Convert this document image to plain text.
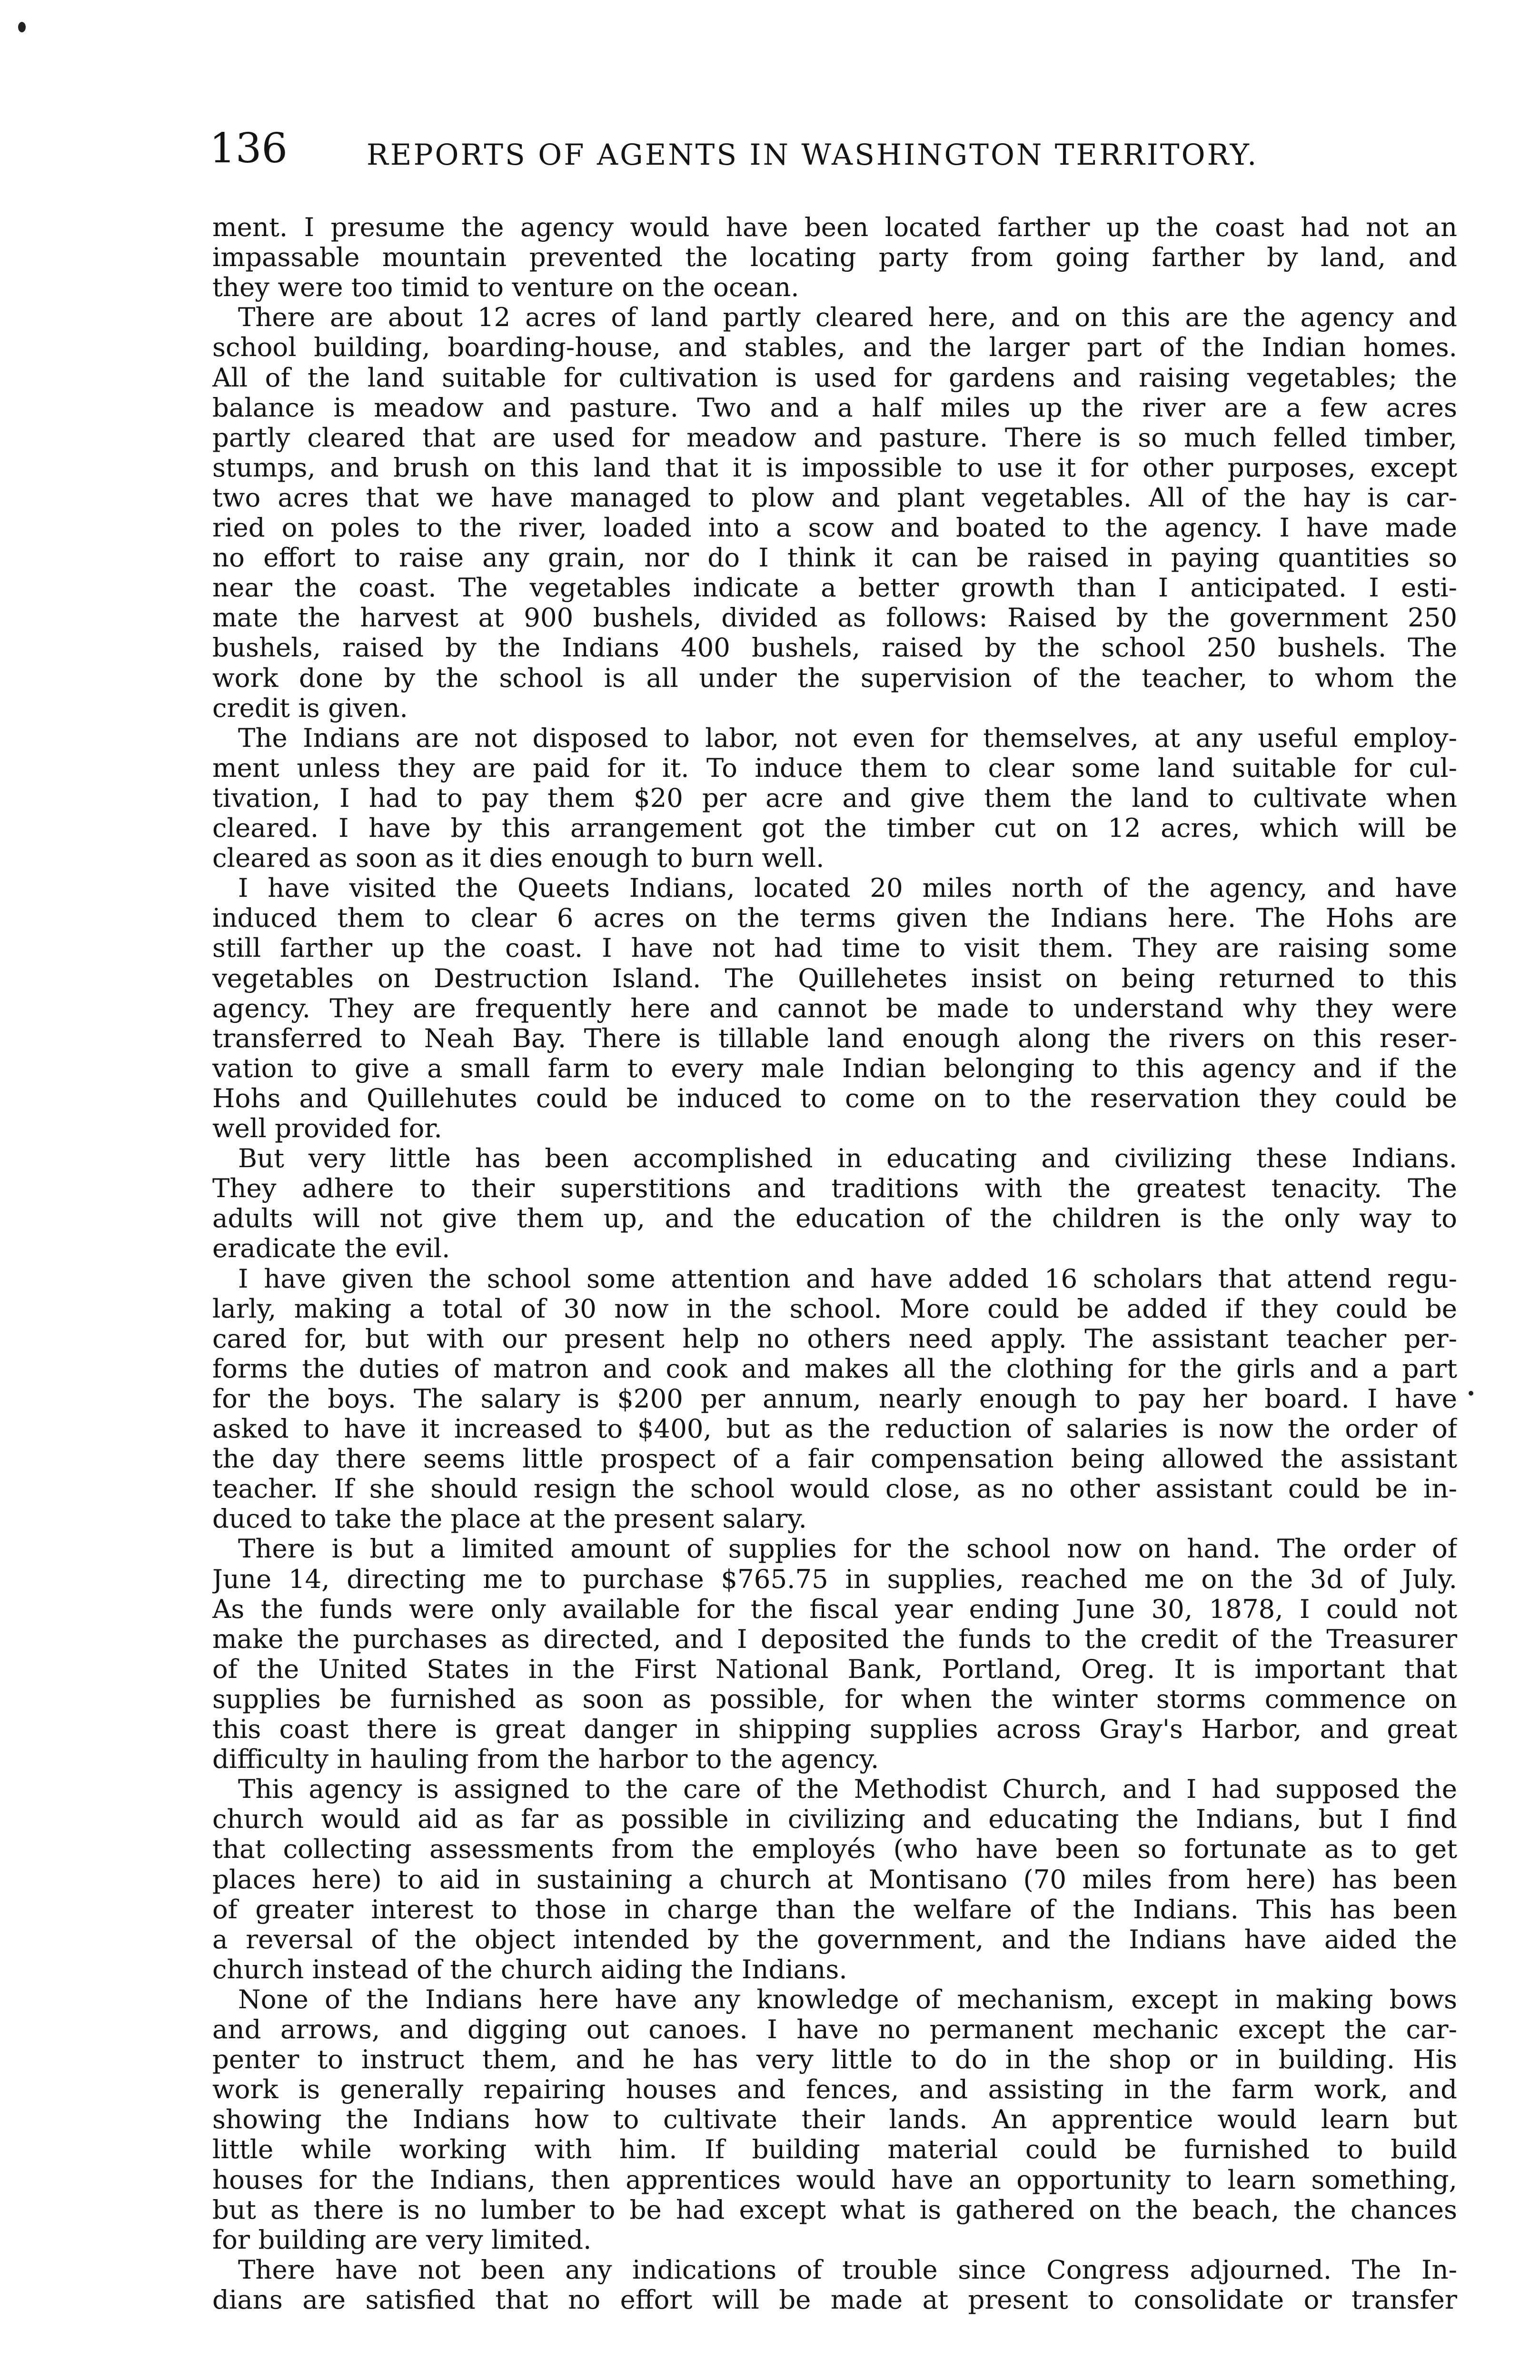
136	REPORTS OF AGENTS IN WASHINGTON TERRITORY.
ment. I presume the agency would have been located farther up the coast had not an
impassable mountain prevented the locating party from going farther by land, and
they were too timid to venture on the ocean.
There are about 12 acres of land partly cleared here, and on this are the agency and
school building, boarding-house, and stables, and the larger part of the Indian homes.
All of the land suitable for cultivation is used for gardens and raising vegetables; the
balance is meadow and pasture. Two and a half miles up the river are a few acres
partly cleared that are used for meadow and pasture. There is so much felled timber,
stumps, and brush on this land that it is impossible to use it for other purposes, except
two acres that we have managed to plow and plant vegetables. All of the hay is car-
ried on poles to the river, loaded into a scow and boated to the agency. I have made
no effort to raise any grain, nor do I think it can be raised in paying quantities so
near the coast. The vegetables indicate a better growth than I anticipated. I esti-
mate the harvest at 900 bushels, divided as follows: Raised by the government 250
bushels, raised by the Indians 400 bushels, raised by the school 250 bushels. The
work done by the school is all under the supervision of the teacher, to whom the
credit is given.
The Indians are not disposed to labor, not even for themselves, at any useful employ-
ment unless they are paid for it. To induce them to clear some land suitable for cul-
tivation, I had to pay them $20 per acre and give them the land to cultivate when
cleared. I have by this arrangement got the timber cut on 12 acres, which will be
cleared as soon as it dies enough to burn well.
I have visited the Queets Indians, located 20 miles north of the agency, and have
induced them to clear 6 acres on the terms given the Indians here. The Hohs are
still farther up the coast. I have not had time to visit them. They are raising some
vegetables on Destruction Island. The Quillehetes insist on being returned to this
agency. They are frequently here and cannot be made to understand why they were
transferred to Neah Bay. There is tillable land enough along the rivers on this reser-
vation to give a small farm to every male Indian belonging to this agency and if the
Hohs and Quillehutes could be induced to come on to the reservation they could be
well provided for.
But very little has been accomplished in educating and civilizing these Indians.
They adhere to their superstitions and traditions with the greatest tenacity. The
adults will not give them up, and the education of the children is the only way to
eradicate the evil.
I have given the school some attention and have added 16 scholars that attend regu-
larly, making a total of 30 now in the school. More could be added if they could be
cared for, but with our present help no others need apply. The assistant teacher per-
forms the duties of matron and cook and makes all the clothing for the girls and a part
for the boys. The salary is $200 per annum, nearly enough to pay her board. I have
asked to have it increased to $400, but as the reduction of salaries is now the order of
the day there seems little prospect of a fair compensation being allowed the assistant
teacher. If she should resign the school would close, as no other assistant could be in-
duced to take the place at the present salary.
There is but a limited amount of supplies for the school now on hand. The order of
June 14, directing me to purchase $765.75 in supplies, reached me on the 3d of July.
As the funds were only available for the fiscal year ending June 30, 1878, I could not
make the purchases as directed, and I deposited the funds to the credit of the Treasurer
of the United States in the First National Bank, Portland, Oreg. It is important that
supplies be furnished as soon as possible, for when the winter storms commence on
this coast there is great danger in shipping supplies across Gray's Harbor, and great
difficulty in hauling from the harbor to the agency.
This agency is assigned to the care of the Methodist Church, and I had supposed the
church would aid as far as possible in civilizing and educating the Indians, but I find
that collecting assessments from the employés (who have been so fortunate as to get
places here) to aid in sustaining a church at Montisano (70 miles from here) has been
of greater interest to those in charge than the welfare of the Indians. This has been
a reversal of the object intended by the government, and the Indians have aided the
church instead of the church aiding the Indians.
None of the Indians here have any knowledge of mechanism, except in making bows
and arrows, and digging out canoes. I have no permanent mechanic except the car-
penter to instruct them, and he has very little to do in the shop or in building. His
work is generally repairing houses and fences, and assisting in the farm work, and
showing the Indians how to cultivate their lands. An apprentice would learn but
little while working with him. If building material could be furnished to build
houses for the Indians, then apprentices would have an opportunity to learn something,
but as there is no lumber to be had except what is gathered on the beach, the chances
for building are very limited.
There have not been any indications of trouble since Congress adjourned. The In-
dians are satisfied that no effort will be made at present to consolidate or transfer
